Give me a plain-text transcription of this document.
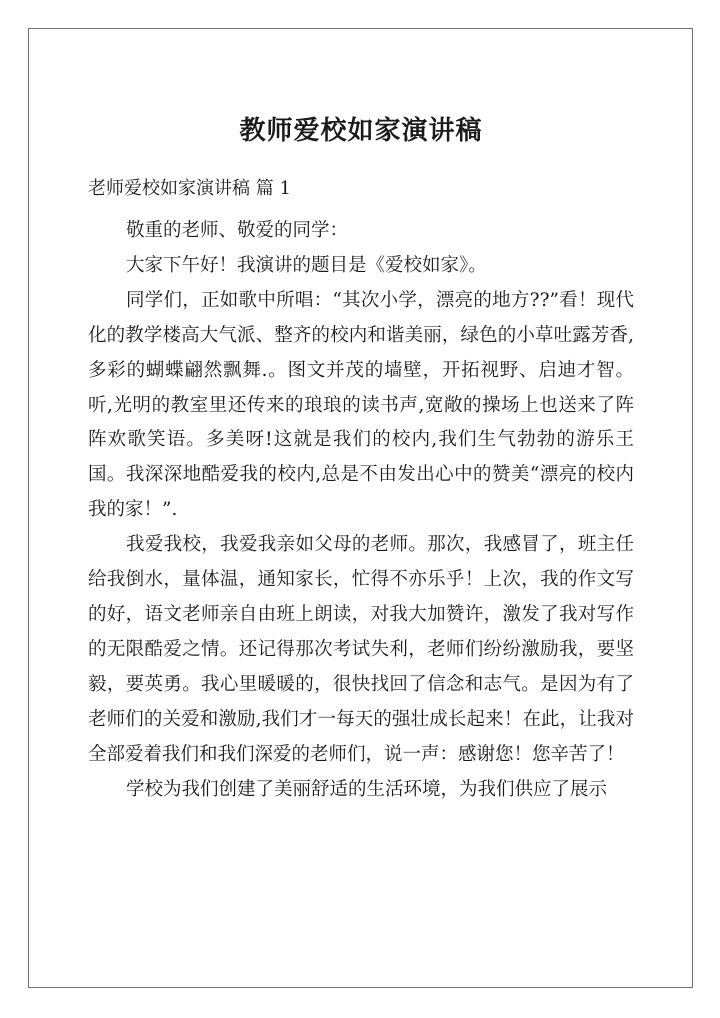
教师爱校如家演讲稿
老师爱校如家演讲稿 篇 1

敬重的老师、敬爱的同学：

大家下午好！我演讲的题目是《爱校如家》。

同学们，正如歌中所唱：“其次小学，漂亮的地方??”看！现代化的教学楼高大气派、整齐的校内和谐美丽，绿色的小草吐露芳香,多彩的蝴蝶翩然飘舞.。图文并茂的墙壁，开拓视野、启迪才智。听,光明的教室里还传来的琅琅的读书声,宽敞的操场上也送来了阵阵欢歌笑语。多美呀!这就是我们的校内,我们生气勃勃的游乐王国。我深深地酷爱我的校内,总是不由发出心中的赞美“漂亮的校内我的家！”.

我爱我校，我爱我亲如父母的老师。那次，我感冒了，班主任给我倒水，量体温，通知家长，忙得不亦乐乎！上次，我的作文写的好，语文老师亲自由班上朗读，对我大加赞许，激发了我对写作的无限酷爱之情。还记得那次考试失利，老师们纷纷激励我，要坚毅，要英勇。我心里暖暖的，很快找回了信念和志气。是因为有了老师们的关爱和激励,我们才一每天的强壮成长起来！在此，让我对全部爱着我们和我们深爱的老师们，说一声：感谢您！您辛苦了！

学校为我们创建了美丽舒适的生活环境，为我们供应了展示
